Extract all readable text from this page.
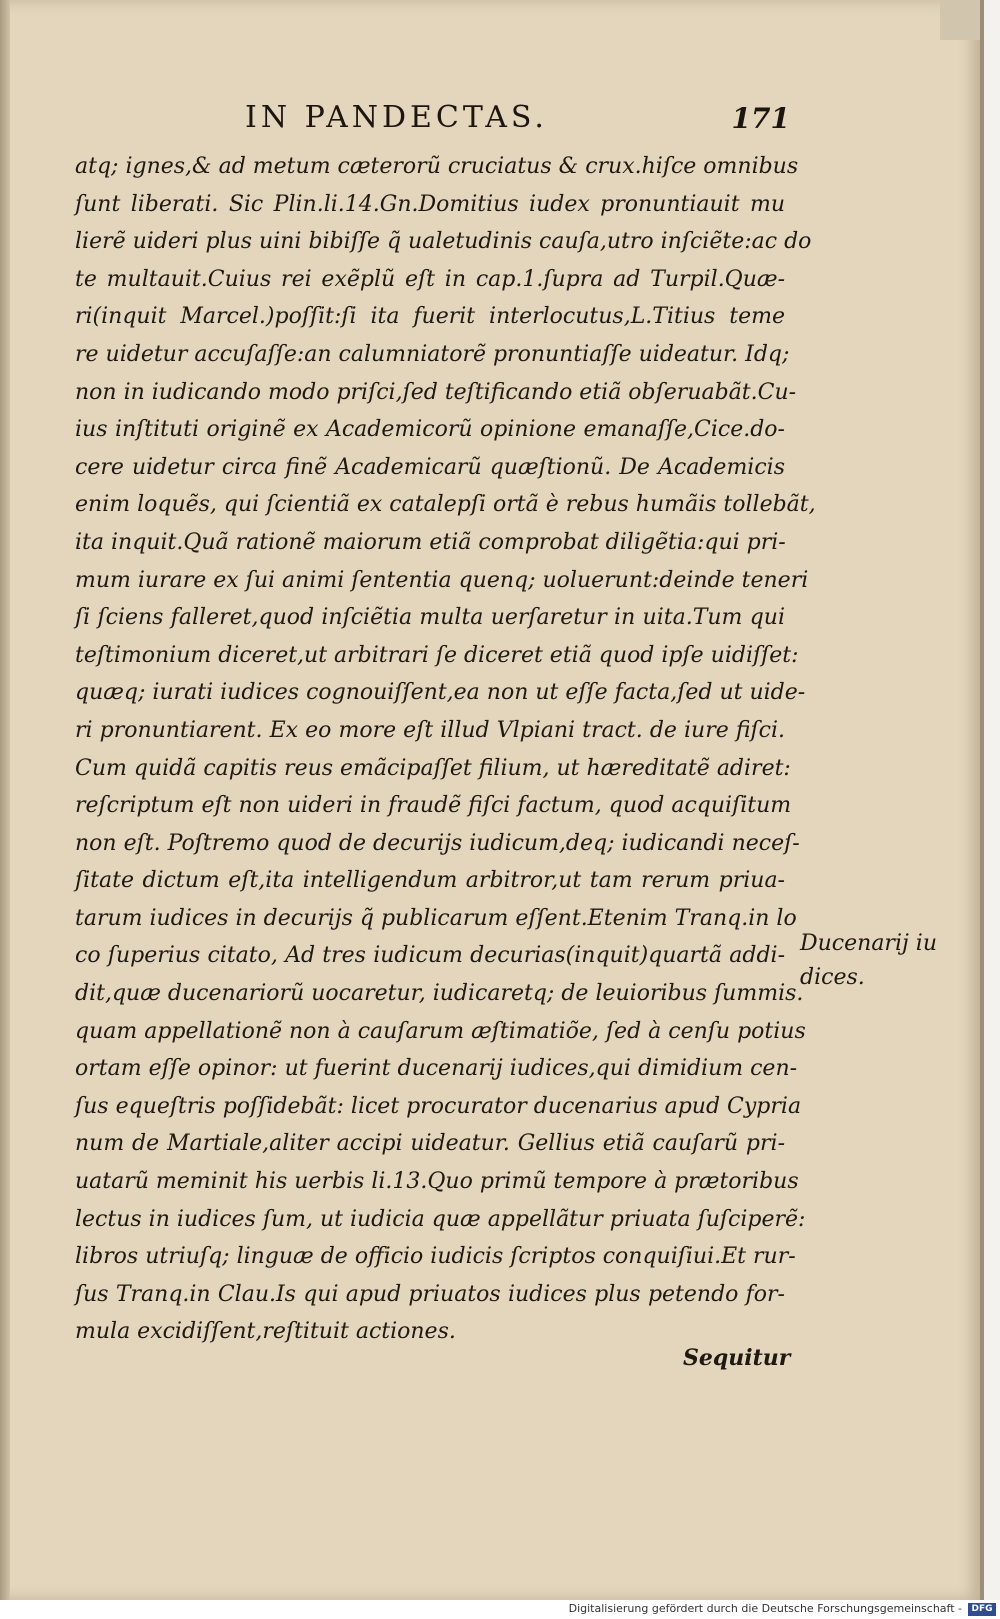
IN PANDECTAS.	171
atq; ignes,& ad metum cæterorũ cruciatus & crux.hiſce omnibus
ſunt liberati. Sic Plin.li.14.Gn.Domitius iudex pronuntiauit mu
lierẽ uideri plus uini bibiſſe q̃ ualetudinis cauſa,utro inſciẽte:ac do
te multauit.Cuius rei exẽplũ eſt in cap.1.ſupra ad Turpil.Quæ-
ri(inquit Marcel.)poſſit:ſi ita fuerit interlocutus,L.Titius teme
re uidetur accuſaſſe:an calumniatorẽ pronuntiaſſe uideatur. Idq;
non in iudicando modo priſci,ſed teſtificando etiã obſeruabãt.Cu-
ius inſtituti originẽ ex Academicorũ opinione emanaſſe,Cice.do-
cere uidetur circa finẽ Academicarũ quæſtionũ. De Academicis
enim loquẽs, qui ſcientiã ex catalepſi ortã è rebus humãis tollebãt,
ita inquit.Quã rationẽ maiorum etiã comprobat diligẽtia:qui pri-
mum iurare ex ſui animi ſententia quenq; uoluerunt:deinde teneri
ſi ſciens falleret,quod inſciẽtia multa uerſaretur in uita.Tum qui
teſtimonium diceret,ut arbitrari ſe diceret etiã quod ipſe uidiſſet:
quæq; iurati iudices cognouiſſent,ea non ut eſſe facta,ſed ut uide-
ri pronuntiarent. Ex eo more eſt illud Vlpiani tract. de iure fiſci.
Cum quidã capitis reus emãcipaſſet filium, ut hæreditatẽ adiret:
reſcriptum eſt non uideri in fraudẽ fiſci factum, quod acquiſitum
non eſt. Poſtremo quod de decurijs iudicum,deq; iudicandi neceſ-
ſitate dictum eſt,ita intelligendum arbitror,ut tam rerum priua-
tarum iudices in decurijs q̃ publicarum eſſent.Etenim Tranq.in lo
co ſuperius citato, Ad tres iudicum decurias(inquit)quartã addi-
dit,quæ ducenariorũ uocaretur, iudicaretq; de leuioribus ſummis.
quam appellationẽ non à cauſarum æſtimatiõe, ſed à cenſu potius
ortam eſſe opinor: ut fuerint ducenarij iudices,qui dimidium cen-
ſus equeſtris poſſidebãt: licet procurator ducenarius apud Cypria
num de Martiale,aliter accipi uideatur. Gellius etiã cauſarũ pri-
uatarũ meminit his uerbis li.13.Quo primũ tempore à prætoribus
lectus in iudices ſum, ut iudicia quæ appellãtur priuata ſuſciperẽ:
libros utriuſq; linguæ de officio iudicis ſcriptos conquiſiui.Et rur-
ſus Tranq.in Clau.Is qui apud priuatos iudices plus petendo for-
mula excidiſſent,reſtituit actiones.
Ducenarij iu
dices.
Sequitur
Digitalisierung gefördert durch die Deutsche Forschungsgemeinschaft -	DFG
